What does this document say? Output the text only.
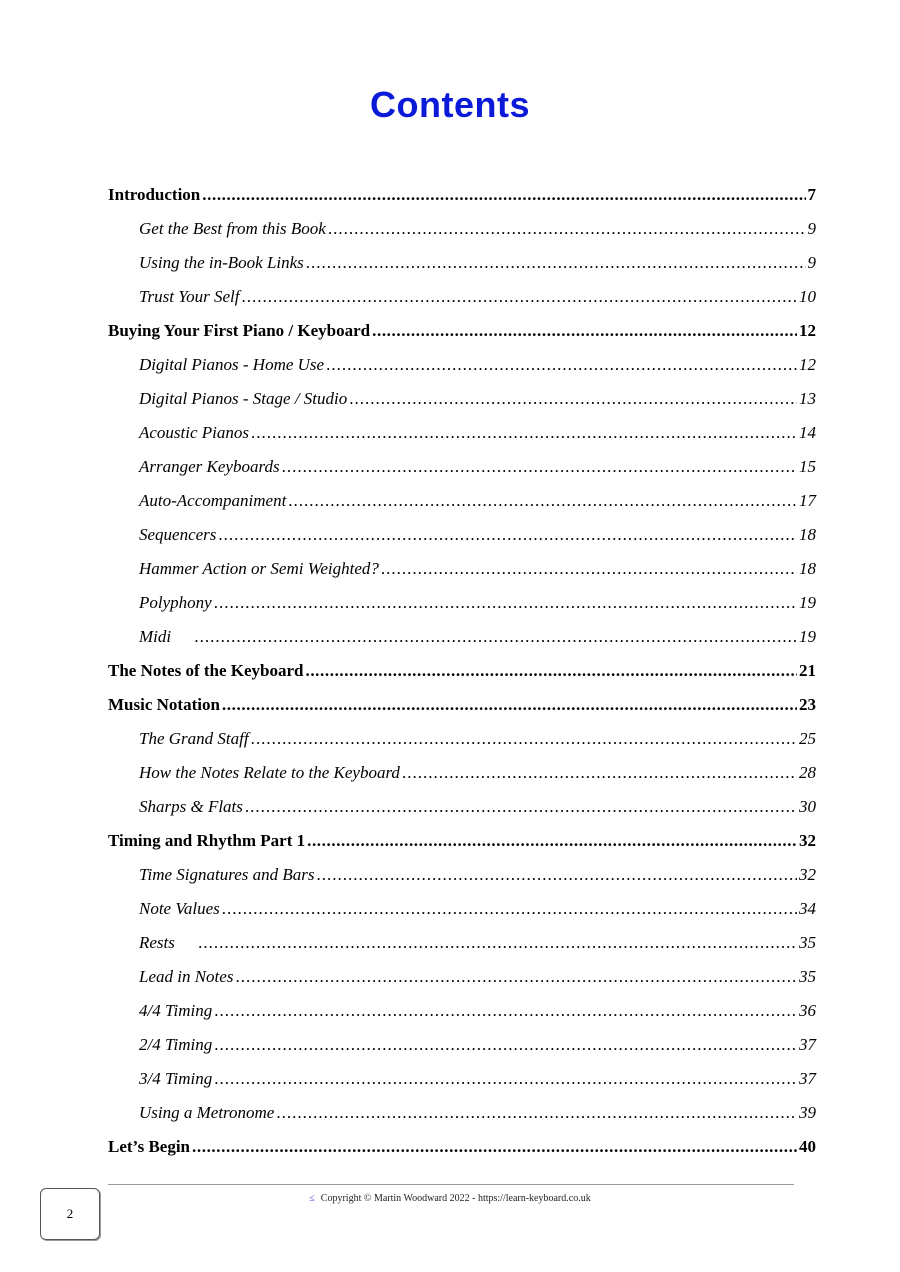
Contents
Introduction .....	7
Get the Best from this Book .....	9
Using the in-Book Links .....	9
Trust Your Self .....	10
Buying Your First Piano / Keyboard .....	12
Digital Pianos - Home Use .....	12
Digital Pianos - Stage / Studio .....	13
Acoustic Pianos .....	14
Arranger Keyboards .....	15
Auto-Accompaniment .....	17
Sequencers .....	18
Hammer Action or Semi Weighted? .....	18
Polyphony .....	19
Midi .....	19
The Notes of the Keyboard .....	21
Music Notation .....	23
The Grand Staff .....	25
How the Notes Relate to the Keyboard .....	28
Sharps & Flats .....	30
Timing and Rhythm Part 1 .....	32
Time Signatures and Bars .....	32
Note Values .....	34
Rests .....	35
Lead in Notes .....	35
4/4 Timing .....	36
2/4 Timing .....	37
3/4 Timing .....	37
Using a Metronome .....	39
Let’s Begin .....	40
≤ Copyright © Martin Woodward 2022 - https://learn-keyboard.co.uk
2
